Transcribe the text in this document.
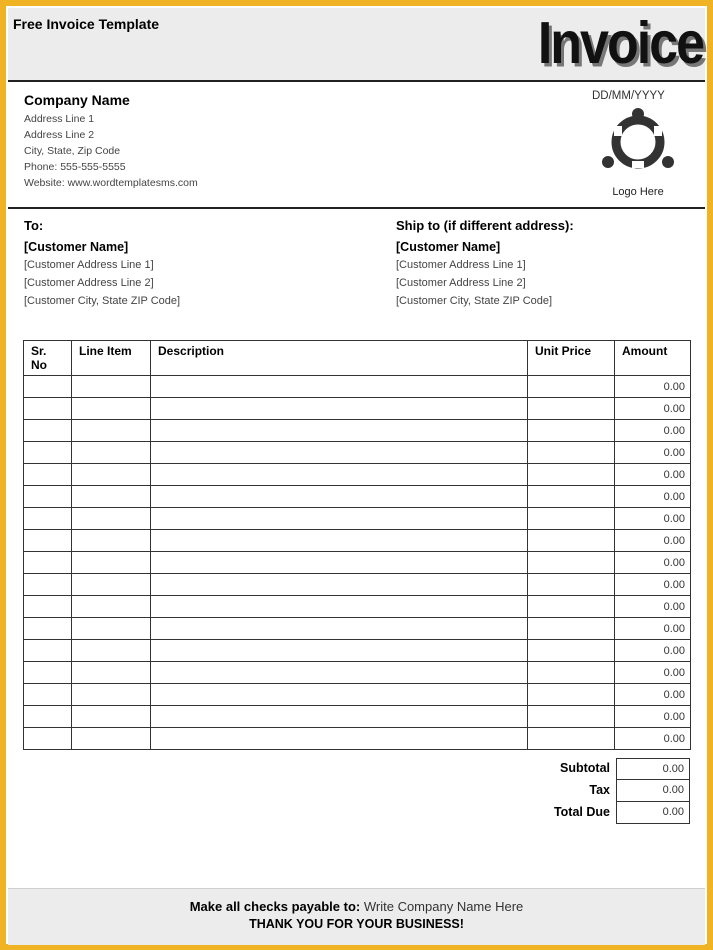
Free Invoice Template	Invoice
Company Name
Address Line 1
Address Line 2
City, State, Zip Code
Phone: 555-555-5555
Website: www.wordtemplatesms.com
DD/MM/YYYY
Logo Here
To:
[Customer Name]
[Customer Address Line 1]
[Customer Address Line 2]
[Customer City, State ZIP Code]
Ship to (if different address):
[Customer Name]
[Customer Address Line 1]
[Customer Address Line 2]
[Customer City, State ZIP Code]
Sr. No	Line Item	Description	Unit Price	Amount
				0.00
				0.00
				0.00
				0.00
				0.00
				0.00
				0.00
				0.00
				0.00
				0.00
				0.00
				0.00
				0.00
				0.00
				0.00
				0.00
				0.00
Subtotal	0.00
Tax	0.00
Total Due	0.00
Make all checks payable to: Write Company Name Here
THANK YOU FOR YOUR BUSINESS!
